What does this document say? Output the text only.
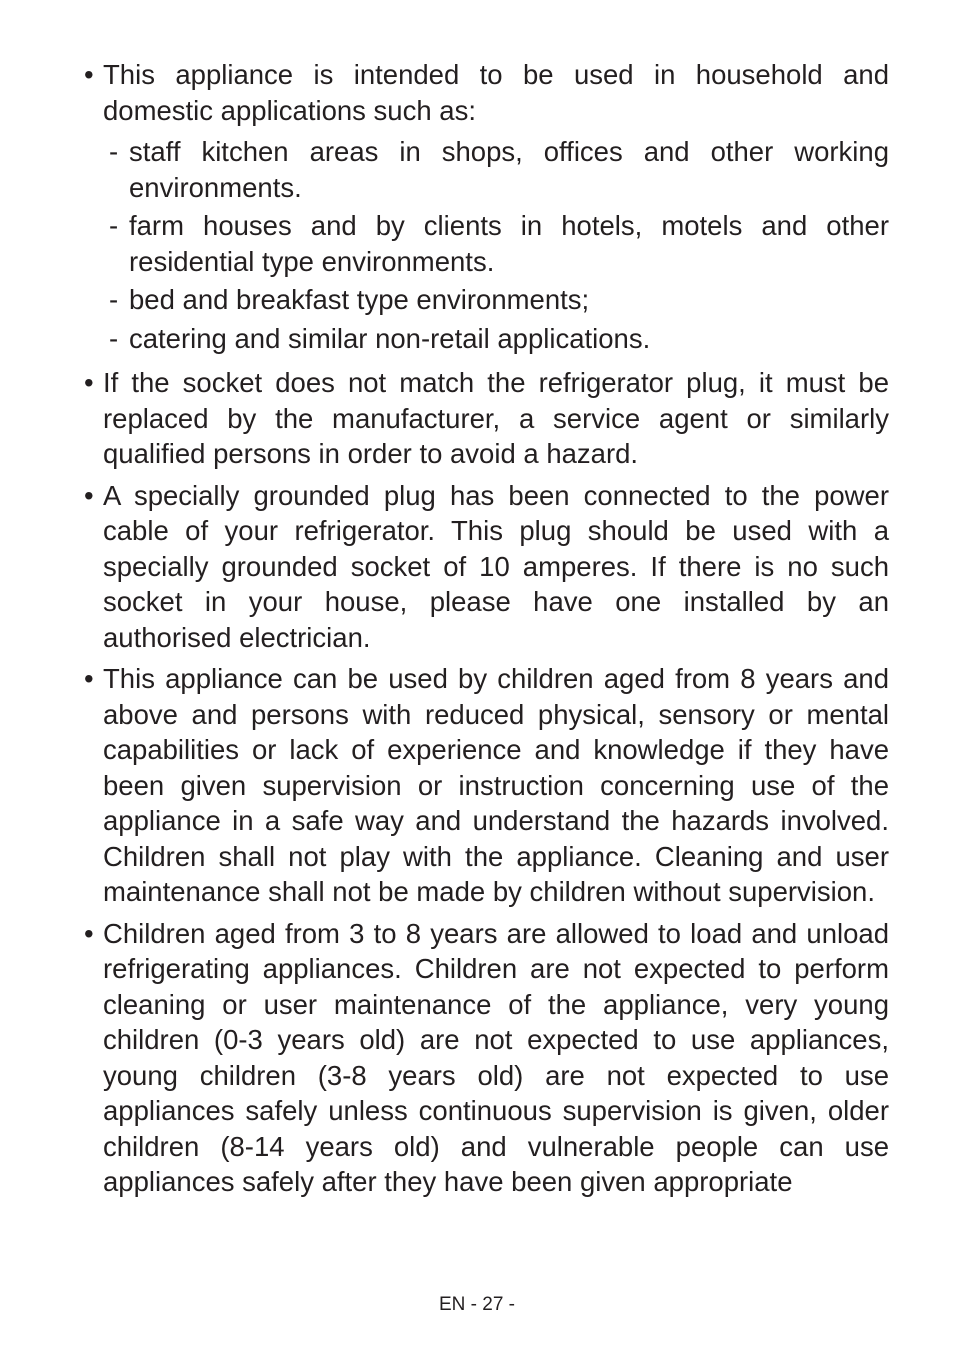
• This appliance is intended to be used in household and domestic applications such as:
- staff kitchen areas in shops, offices and other working environments.
- farm houses and by clients in hotels, motels and other residential type environments.
- bed and breakfast type environments;
- catering and similar non-retail applications.
• If the socket does not match the refrigerator plug, it must be replaced by the manufacturer, a service agent or similarly qualified persons in order to avoid a hazard.
• A specially grounded plug has been connected to the power cable of your refrigerator. This plug should be used with a specially grounded socket of 10 amperes. If there is no such socket in your house, please have one installed by an authorised electrician.
• This appliance can be used by children aged from 8 years and above and persons with reduced physical, sensory or mental capabilities or lack of experience and knowledge if they have been given supervision or instruction concerning use of the appliance in a safe way and understand the hazards involved. Children shall not play with the appliance. Cleaning and user maintenance shall not be made by children without supervision.
• Children aged from 3 to 8 years are allowed to load and unload refrigerating appliances. Children are not expected to perform cleaning or user maintenance of the appliance, very young children (0-3 years old) are not expected to use appliances, young children (3-8 years old) are not expected to use appliances safely unless continuous supervision is given, older children (8-14 years old) and vulnerable people can use appliances safely after they have been given appropriate
EN - 27 -
